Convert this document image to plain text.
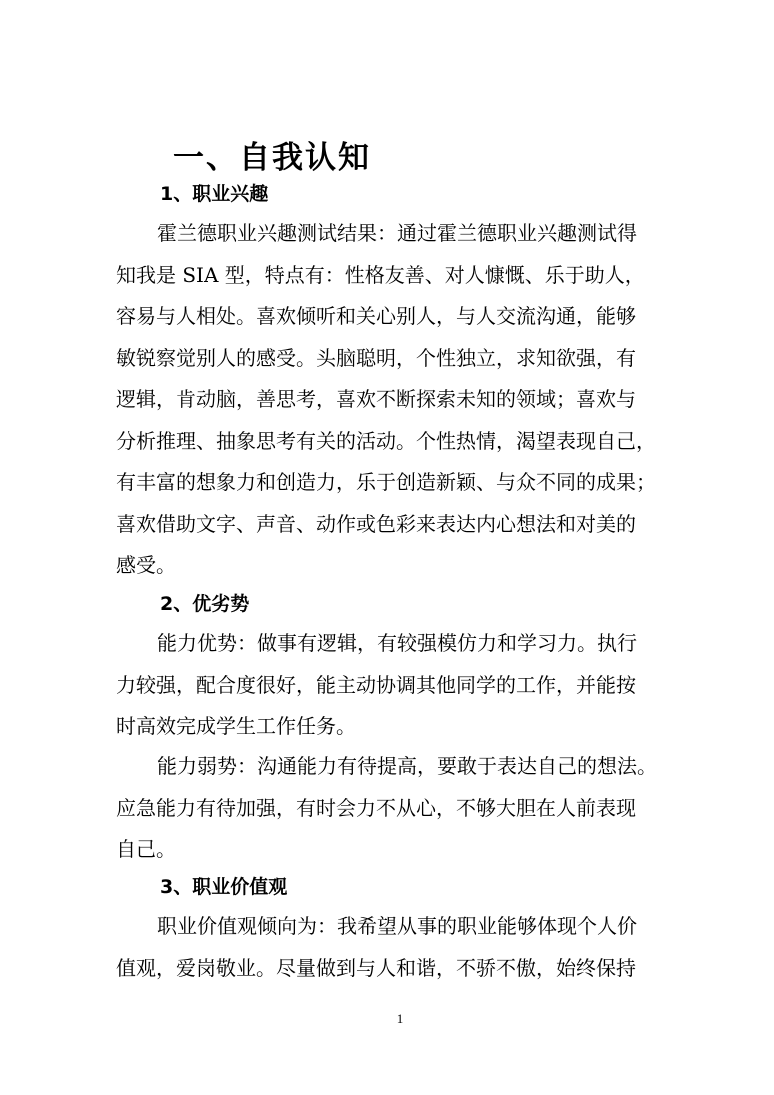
一、自我认知
1、职业兴趣
霍兰德职业兴趣测试结果：通过霍兰德职业兴趣测试得
知我是 SIA 型，特点有：性格友善、对人慷慨、乐于助人，
容易与人相处。喜欢倾听和关心别人，与人交流沟通，能够
敏锐察觉别人的感受。头脑聪明，个性独立，求知欲强，有
逻辑，肯动脑，善思考，喜欢不断探索未知的领域；喜欢与
分析推理、抽象思考有关的活动。个性热情，渴望表现自己，
有丰富的想象力和创造力，乐于创造新颖、与众不同的成果；
喜欢借助文字、声音、动作或色彩来表达内心想法和对美的
感受。
2、优劣势
能力优势：做事有逻辑，有较强模仿力和学习力。执行
力较强，配合度很好，能主动协调其他同学的工作，并能按
时高效完成学生工作任务。
能力弱势：沟通能力有待提高，要敢于表达自己的想法。
应急能力有待加强，有时会力不从心，不够大胆在人前表现
自己。
3、职业价值观
职业价值观倾向为：我希望从事的职业能够体现个人价
值观，爱岗敬业。尽量做到与人和谐，不骄不傲，始终保持
1
